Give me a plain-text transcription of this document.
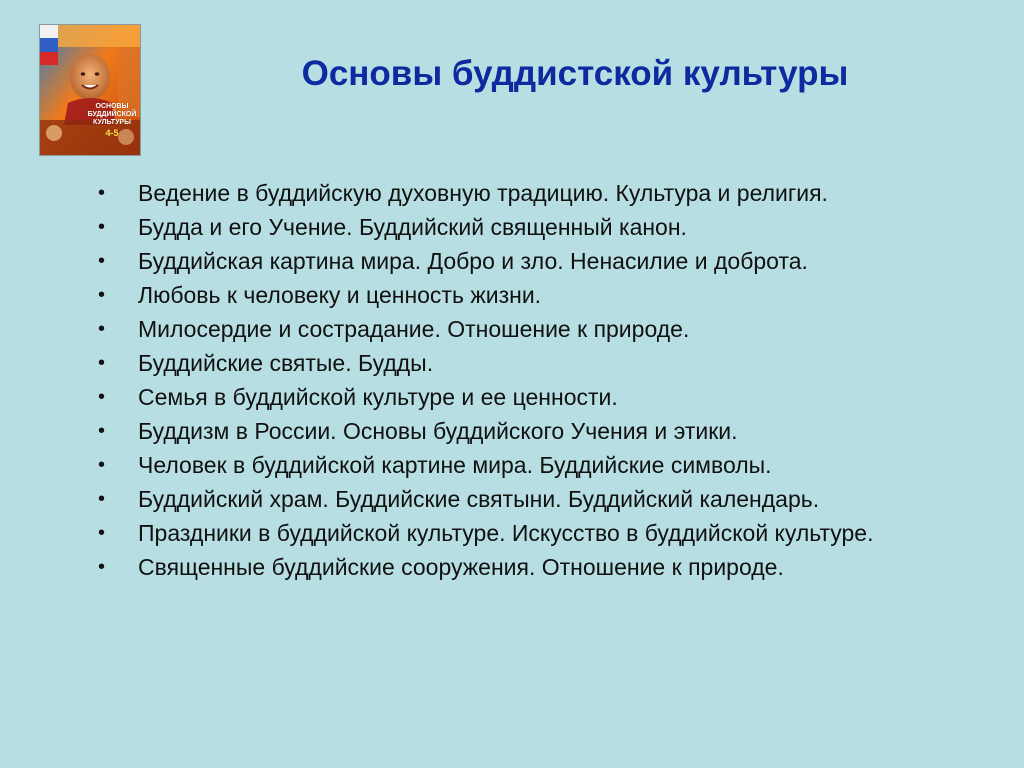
ОСНОВЫ
БУДДИЙСКОЙ
КУЛЬТУРЫ
4-5
Основы буддистской культуры
• Ведение в буддийскую духовную традицию. Культура и религия.
• Будда и его Учение. Буддийский священный канон.
• Буддийская картина мира. Добро и зло. Ненасилие и доброта.
• Любовь к человеку и ценность жизни.
• Милосердие и сострадание. Отношение к природе.
• Буддийские святые. Будды.
• Семья в буддийской культуре и ее ценности.
• Буддизм в России. Основы буддийского Учения и этики.
• Человек в буддийской картине мира. Буддийские символы.
• Буддийский храм. Буддийские святыни. Буддийский календарь.
• Праздники в буддийской культуре. Искусство в буддийской культуре.
• Священные буддийские сооружения. Отношение к природе.
